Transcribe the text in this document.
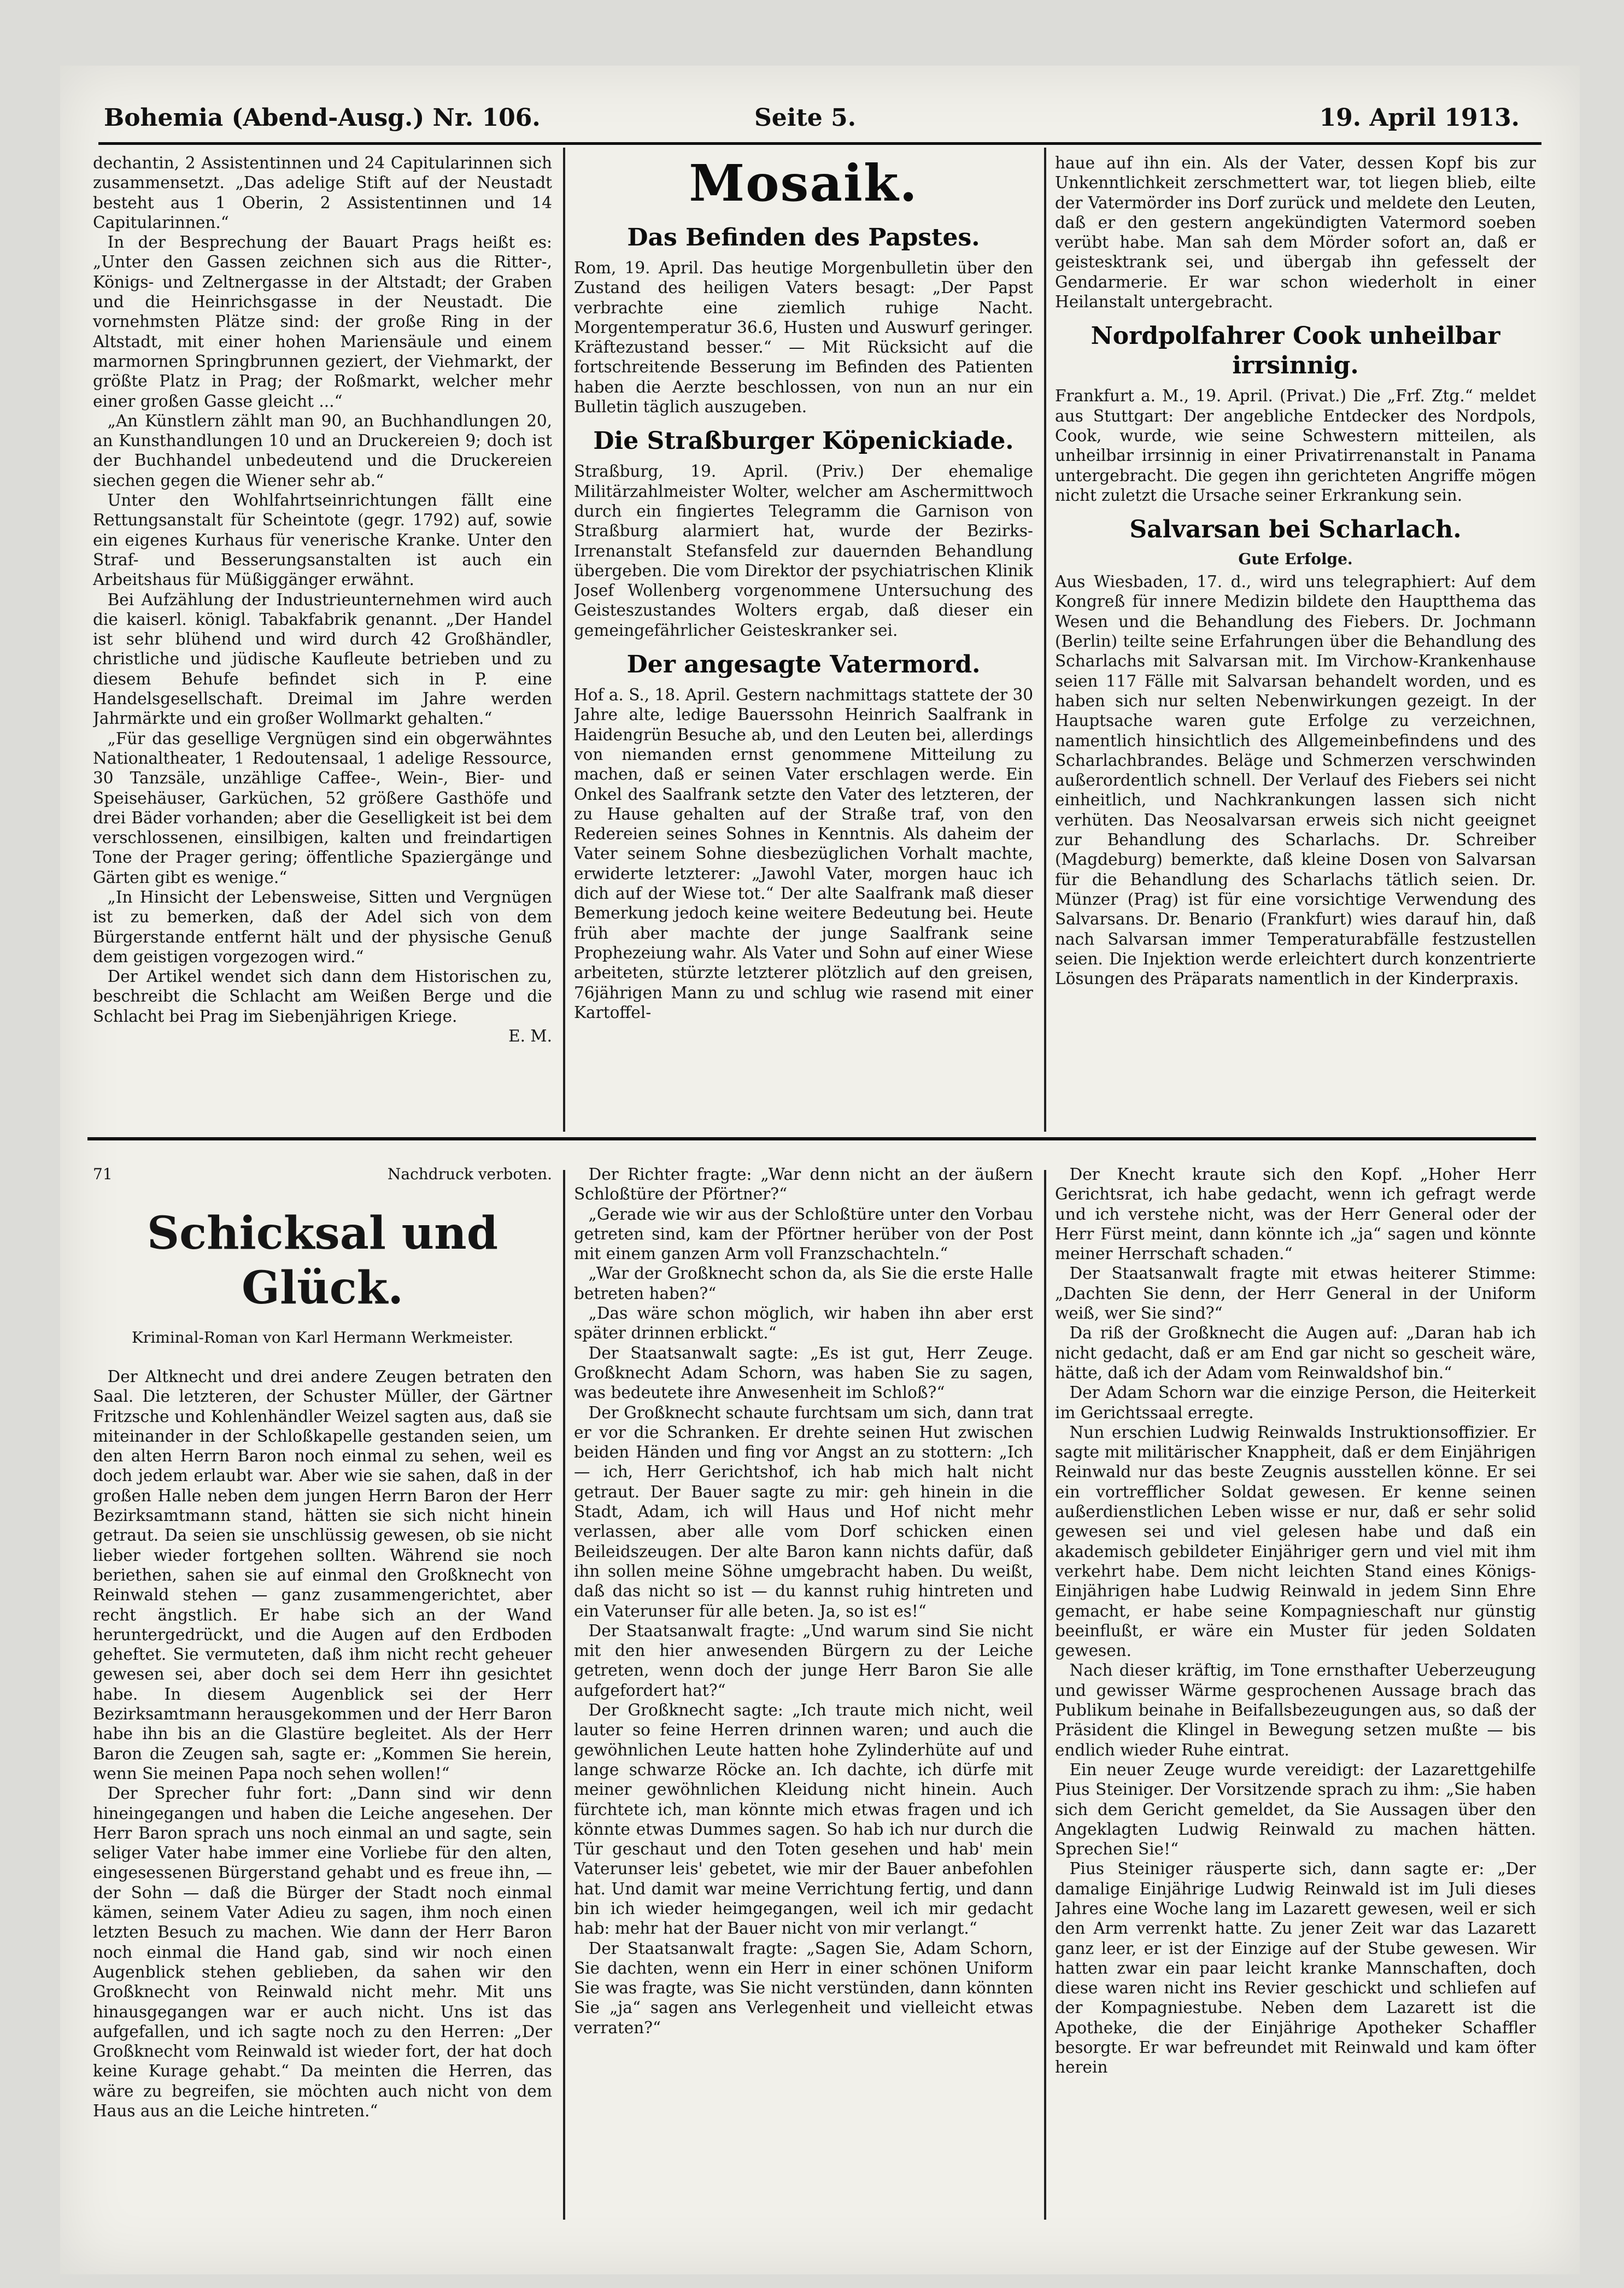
Bohemia (Abend-Ausg.) Nr. 106.	Seite 5.	19. April 1913.

dechantin, 2 Assistentinnen und 24 Capitularinnen sich zusammensetzt. „Das adelige Stift auf der Neustadt besteht aus 1 Oberin, 2 Assistentinnen und 14 Capitularinnen.“

In der Besprechung der Bauart Prags heißt es: „Unter den Gassen zeichnen sich aus die Ritter-, Königs- und Zeltnergasse in der Altstadt; der Graben und die Heinrichsgasse in der Neustadt. Die vornehmsten Plätze sind: der große Ring in der Altstadt, mit einer hohen Mariensäule und einem marmornen Springbrunnen geziert, der Viehmarkt, der größte Platz in Prag; der Roßmarkt, welcher mehr einer großen Gasse gleicht ...“

„An Künstlern zählt man 90, an Buchhandlungen 20, an Kunsthandlungen 10 und an Druckereien 9; doch ist der Buchhandel unbedeutend und die Druckereien siechen gegen die Wiener sehr ab.“

Unter den Wohlfahrtseinrichtungen fällt eine Rettungsanstalt für Scheintote (gegr. 1792) auf, sowie ein eigenes Kurhaus für venerische Kranke. Unter den Straf- und Besserungsanstalten ist auch ein Arbeitshaus für Müßiggänger erwähnt.

Bei Aufzählung der Industrieunternehmen wird auch die kaiserl. königl. Tabakfabrik genannt. „Der Handel ist sehr blühend und wird durch 42 Großhändler, christliche und jüdische Kaufleute betrieben und zu diesem Behufe befindet sich in P. eine Handelsgesellschaft. Dreimal im Jahre werden Jahrmärkte und ein großer Wollmarkt gehalten.“

„Für das gesellige Vergnügen sind ein obgerwähntes Nationaltheater, 1 Redoutensaal, 1 adelige Ressource, 30 Tanzsäle, unzählige Caffee-, Wein-, Bier- und Speisehäuser, Garküchen, 52 größere Gasthöfe und drei Bäder vorhanden; aber die Geselligkeit ist bei dem verschlossenen, einsilbigen, kalten und freindartigen Tone der Prager gering; öffentliche Spaziergänge und Gärten gibt es wenige.“

„In Hinsicht der Lebensweise, Sitten und Vergnügen ist zu bemerken, daß der Adel sich von dem Bürgerstande entfernt hält und der physische Genuß dem geistigen vorgezogen wird.“

Der Artikel wendet sich dann dem Historischen zu, beschreibt die Schlacht am Weißen Berge und die Schlacht bei Prag im Siebenjährigen Kriege.

E. M.

Mosaik.
Das Befinden des Papstes.

Rom, 19. April. Das heutige Morgenbulletin über den Zustand des heiligen Vaters besagt: „Der Papst verbrachte eine ziemlich ruhige Nacht. Morgentemperatur 36.6, Husten und Auswurf geringer. Kräftezustand besser.“ — Mit Rücksicht auf die fortschreitende Besserung im Befinden des Patienten haben die Aerzte beschlossen, von nun an nur ein Bulletin täglich auszugeben.

Die Straßburger Köpenickiade.

Straßburg, 19. April. (Priv.) Der ehemalige Militärzahlmeister Wolter, welcher am Aschermittwoch durch ein fingiertes Telegramm die Garnison von Straßburg alarmiert hat, wurde der Bezirks-Irrenanstalt Stefansfeld zur dauernden Behandlung übergeben. Die vom Direktor der psychiatrischen Klinik Josef Wollenberg vorgenommene Untersuchung des Geisteszustandes Wolters ergab, daß dieser ein gemeingefährlicher Geisteskranker sei.

Der angesagte Vatermord.

Hof a. S., 18. April. Gestern nachmittags stattete der 30 Jahre alte, ledige Bauerssohn Heinrich Saalfrank in Haidengrün Besuche ab, und den Leuten bei, allerdings von niemanden ernst genommene Mitteilung zu machen, daß er seinen Vater erschlagen werde. Ein Onkel des Saalfrank setzte den Vater des letzteren, der zu Hause gehalten auf der Straße traf, von den Redereien seines Sohnes in Kenntnis. Als daheim der Vater seinem Sohne diesbezüglichen Vorhalt machte, erwiderte letzterer: „Jawohl Vater, morgen hauc ich dich auf der Wiese tot.“ Der alte Saalfrank maß dieser Bemerkung jedoch keine weitere Bedeutung bei. Heute früh aber machte der junge Saalfrank seine Prophezeiung wahr. Als Vater und Sohn auf einer Wiese arbeiteten, stürzte letzterer plötzlich auf den greisen, 76jährigen Mann zu und schlug wie rasend mit einer Kartoffel-

haue auf ihn ein. Als der Vater, dessen Kopf bis zur Unkenntlichkeit zerschmettert war, tot liegen blieb, eilte der Vatermörder ins Dorf zurück und meldete den Leuten, daß er den gestern angekündigten Vatermord soeben verübt habe. Man sah dem Mörder sofort an, daß er geistesktrank sei, und übergab ihn gefesselt der Gendarmerie. Er war schon wiederholt in einer Heilanstalt untergebracht.

Nordpolfahrer Cook unheilbar irrsinnig.

Frankfurt a. M., 19. April. (Privat.) Die „Frf. Ztg.“ meldet aus Stuttgart: Der angebliche Entdecker des Nordpols, Cook, wurde, wie seine Schwestern mitteilen, als unheilbar irrsinnig in einer Privatirrenanstalt in Panama untergebracht. Die gegen ihn gerichteten Angriffe mögen nicht zuletzt die Ursache seiner Erkrankung sein.

Salvarsan bei Scharlach.
Gute Erfolge.

Aus Wiesbaden, 17. d., wird uns telegraphiert: Auf dem Kongreß für innere Medizin bildete den Hauptthema das Wesen und die Behandlung des Fiebers. Dr. Jochmann (Berlin) teilte seine Erfahrungen über die Behandlung des Scharlachs mit Salvarsan mit. Im Virchow-Krankenhause seien 117 Fälle mit Salvarsan behandelt worden, und es haben sich nur selten Nebenwirkungen gezeigt. In der Hauptsache waren gute Erfolge zu verzeichnen, namentlich hinsichtlich des Allgemeinbefindens und des Scharlachbrandes. Beläge und Schmerzen verschwinden außerordentlich schnell. Der Verlauf des Fiebers sei nicht einheitlich, und Nachkrankungen lassen sich nicht verhüten. Das Neosalvarsan erweis sich nicht geeignet zur Behandlung des Scharlachs. Dr. Schreiber (Magdeburg) bemerkte, daß kleine Dosen von Salvarsan für die Behandlung des Scharlachs tätlich seien. Dr. Münzer (Prag) ist für eine vorsichtige Verwendung des Salvarsans. Dr. Benario (Frankfurt) wies darauf hin, daß nach Salvarsan immer Temperaturabfälle festzustellen seien. Die Injektion werde erleichtert durch konzentrierte Lösungen des Präparats namentlich in der Kinderpraxis.

71	Nachdruck verboten.
Schicksal und Glück.
Kriminal-Roman von Karl Hermann Werkmeister.

Der Altknecht und drei andere Zeugen betraten den Saal. Die letzteren, der Schuster Müller, der Gärtner Fritzsche und Kohlenhändler Weizel sagten aus, daß sie miteinander in der Schloßkapelle gestanden seien, um den alten Herrn Baron noch einmal zu sehen, weil es doch jedem erlaubt war. Aber wie sie sahen, daß in der großen Halle neben dem jungen Herrn Baron der Herr Bezirksamtmann stand, hätten sie sich nicht hinein getraut. Da seien sie unschlüssig gewesen, ob sie nicht lieber wieder fortgehen sollten. Während sie noch beriethen, sahen sie auf einmal den Großknecht von Reinwald stehen — ganz zusammengerichtet, aber recht ängstlich. Er habe sich an der Wand heruntergedrückt, und die Augen auf den Erdboden geheftet. Sie vermuteten, daß ihm nicht recht geheuer gewesen sei, aber doch sei dem Herr ihn gesichtet habe. In diesem Augenblick sei der Herr Bezirksamtmann herausgekommen und der Herr Baron habe ihn bis an die Glastüre begleitet. Als der Herr Baron die Zeugen sah, sagte er: „Kommen Sie herein, wenn Sie meinen Papa noch sehen wollen!“

Der Sprecher fuhr fort: „Dann sind wir denn hineingegangen und haben die Leiche angesehen. Der Herr Baron sprach uns noch einmal an und sagte, sein seliger Vater habe immer eine Vorliebe für den alten, eingesessenen Bürgerstand gehabt und es freue ihn, — der Sohn — daß die Bürger der Stadt noch einmal kämen, seinem Vater Adieu zu sagen, ihm noch einen letzten Besuch zu machen. Wie dann der Herr Baron noch einmal die Hand gab, sind wir noch einen Augenblick stehen geblieben, da sahen wir den Großknecht von Reinwald nicht mehr. Mit uns hinausgegangen war er auch nicht. Uns ist das aufgefallen, und ich sagte noch zu den Herren: „Der Großknecht vom Reinwald ist wieder fort, der hat doch keine Kurage gehabt.“ Da meinten die Herren, das wäre zu begreifen, sie möchten auch nicht von dem Haus aus an die Leiche hintreten.“

Der Richter fragte: „War denn nicht an der äußern Schloßtüre der Pförtner?“

„Gerade wie wir aus der Schloßtüre unter den Vorbau getreten sind, kam der Pförtner herüber von der Post mit einem ganzen Arm voll Franzschachteln.“

„War der Großknecht schon da, als Sie die erste Halle betreten haben?“

„Das wäre schon möglich, wir haben ihn aber erst später drinnen erblickt.“

Der Staatsanwalt sagte: „Es ist gut, Herr Zeuge. Großknecht Adam Schorn, was haben Sie zu sagen, was bedeutete ihre Anwesenheit im Schloß?“

Der Großknecht schaute furchtsam um sich, dann trat er vor die Schranken. Er drehte seinen Hut zwischen beiden Händen und fing vor Angst an zu stottern: „Ich — ich, Herr Gerichtshof, ich hab mich halt nicht getraut. Der Bauer sagte zu mir: geh hinein in die Stadt, Adam, ich will Haus und Hof nicht mehr verlassen, aber alle vom Dorf schicken einen Beileidszeugen. Der alte Baron kann nichts dafür, daß ihn sollen meine Söhne umgebracht haben. Du weißt, daß das nicht so ist — du kannst ruhig hintreten und ein Vaterunser für alle beten. Ja, so ist es!“

Der Staatsanwalt fragte: „Und warum sind Sie nicht mit den hier anwesenden Bürgern zu der Leiche getreten, wenn doch der junge Herr Baron Sie alle aufgefordert hat?“

Der Großknecht sagte: „Ich traute mich nicht, weil lauter so feine Herren drinnen waren; und auch die gewöhnlichen Leute hatten hohe Zylinderhüte auf und lange schwarze Röcke an. Ich dachte, ich dürfe mit meiner gewöhnlichen Kleidung nicht hinein. Auch fürchtete ich, man könnte mich etwas fragen und ich könnte etwas Dummes sagen. So hab ich nur durch die Tür geschaut und den Toten gesehen und hab' mein Vaterunser leis' gebetet, wie mir der Bauer anbefohlen hat. Und damit war meine Verrichtung fertig, und dann bin ich wieder heimgegangen, weil ich mir gedacht hab: mehr hat der Bauer nicht von mir verlangt.“

Der Staatsanwalt fragte: „Sagen Sie, Adam Schorn, Sie dachten, wenn ein Herr in einer schönen Uniform Sie was fragte, was Sie nicht verstünden, dann könnten Sie „ja“ sagen ans Verlegenheit und vielleicht etwas verraten?“

Der Knecht kraute sich den Kopf. „Hoher Herr Gerichtsrat, ich habe gedacht, wenn ich gefragt werde und ich verstehe nicht, was der Herr General oder der Herr Fürst meint, dann könnte ich „ja“ sagen und könnte meiner Herrschaft schaden.“

Der Staatsanwalt fragte mit etwas heiterer Stimme: „Dachten Sie denn, der Herr General in der Uniform weiß, wer Sie sind?“

Da riß der Großknecht die Augen auf: „Daran hab ich nicht gedacht, daß er am End gar nicht so gescheit wäre, hätte, daß ich der Adam vom Reinwaldshof bin.“

Der Adam Schorn war die einzige Person, die Heiterkeit im Gerichtssaal erregte.

Nun erschien Ludwig Reinwalds Instruktionsoffizier. Er sagte mit militärischer Knappheit, daß er dem Einjährigen Reinwald nur das beste Zeugnis ausstellen könne. Er sei ein vortrefflicher Soldat gewesen. Er kenne seinen außerdienstlichen Leben wisse er nur, daß er sehr solid gewesen sei und viel gelesen habe und daß ein akademisch gebildeter Einjähriger gern und viel mit ihm verkehrt habe. Dem nicht leichten Stand eines Königs-Einjährigen habe Ludwig Reinwald in jedem Sinn Ehre gemacht, er habe seine Kompagnieschaft nur günstig beeinflußt, er wäre ein Muster für jeden Soldaten gewesen.

Nach dieser kräftig, im Tone ernsthafter Ueberzeugung und gewisser Wärme gesprochenen Aussage brach das Publikum beinahe in Beifallsbezeugungen aus, so daß der Präsident die Klingel in Bewegung setzen mußte — bis endlich wieder Ruhe eintrat.

Ein neuer Zeuge wurde vereidigt: der Lazarettgehilfe Pius Steiniger. Der Vorsitzende sprach zu ihm: „Sie haben sich dem Gericht gemeldet, da Sie Aussagen über den Angeklagten Ludwig Reinwald zu machen hätten. Sprechen Sie!“

Pius Steiniger räusperte sich, dann sagte er: „Der damalige Einjährige Ludwig Reinwald ist im Juli dieses Jahres eine Woche lang im Lazarett gewesen, weil er sich den Arm verrenkt hatte. Zu jener Zeit war das Lazarett ganz leer, er ist der Einzige auf der Stube gewesen. Wir hatten zwar ein paar leicht kranke Mannschaften, doch diese waren nicht ins Revier geschickt und schliefen auf der Kompagniestube. Neben dem Lazarett ist die Apotheke, die der Einjährige Apotheker Schaffler besorgte. Er war befreundet mit Reinwald und kam öfter herein
